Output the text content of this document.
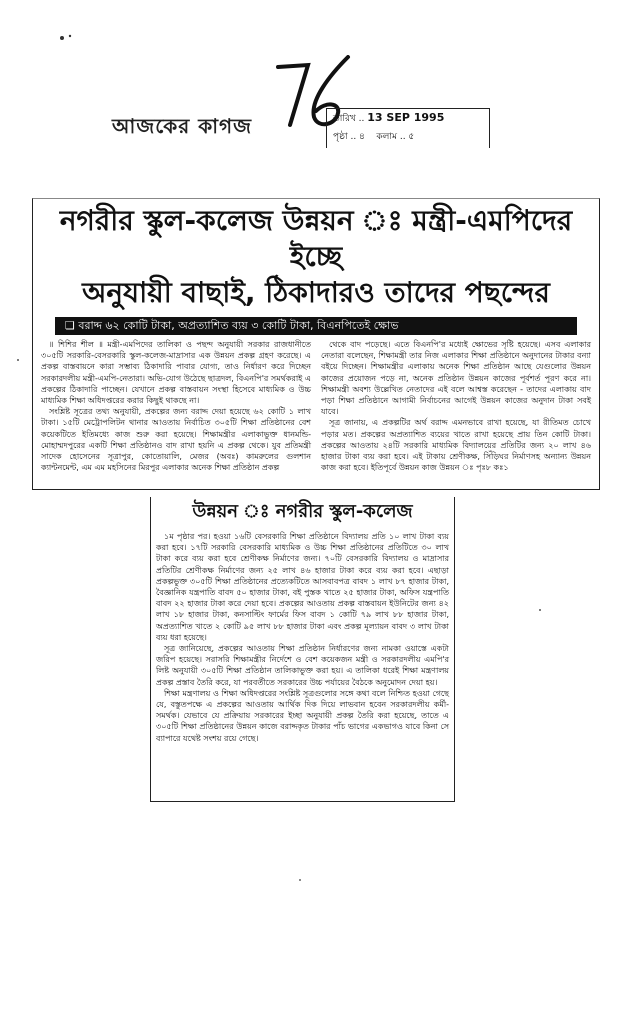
আজকের কাগজ	তারিখ .. 13 SEP 1995
পৃষ্ঠা .. ৪ কলাম .. ৫
নগরীর স্কুল-কলেজ উন্নয়ন ঃ মন্ত্রী-এমপিদের ইচ্ছে
অনুযায়ী বাছাই, ঠিকাদারও তাদের পছন্দের
❏ বরাদ্দ ৬২ কোটি টাকা, অপ্রত্যাশিত ব্যয় ৩ কোটি টাকা, বিএনপিতেই ক্ষোভ

॥ শিশির শীল ॥ মন্ত্রী-এমপিদের তালিকা ও পছন্দ অনুযায়ী সরকার রাজধানীতে ৩০৫টি সরকারি-বেসরকারি স্কুল-কলেজ-মাদ্রাসার এক উন্নয়ন প্রকল্প গ্রহণ করেছে। এ প্রকল্প বাস্তবায়নে কারা সম্ভাব্য ঠিকাদারি পাবার যোগ্য, তাও নির্ধারণ করে দিচ্ছেন সরকারদলীয় মন্ত্রী-এমপি-নেতারা। অভি-যোগ উঠেছে ছাত্রদল, বিএনপি'র সমর্থকরাই এ প্রকল্পের ঠিকাদারি পাচ্ছেন। যেখানে প্রকল্প বাস্তবায়ন সংস্থা হিসেবে মাধ্যমিক ও উচ্চ মাধ্যমিক শিক্ষা অধিদপ্তরের করার কিছুই থাকছে না।

সংশ্লিষ্ট সূত্রের তথ্য অনুযায়ী, প্রকল্পের জন্য বরাদ্দ দেয়া হয়েছে ৬২ কোটি ১ লাখ টাকা। ১৫টি মেট্রোপলিটন থানার আওতায় নির্বাচিত ৩০৫টি শিক্ষা প্রতিষ্ঠানের বেশ কয়েকটিতে ইতিমধ্যে কাজ শুরু করা হয়েছে। শিক্ষামন্ত্রীর এলাকাভুক্ত ধানমন্ডি-মোহাম্মদপুরের একটি শিক্ষা প্রতিষ্ঠানও বাদ রাখা হয়নি এ প্রকল্প থেকে। যুব প্রতিমন্ত্রী সাদেক হোসেনের সূত্রাপুর, কোতোয়ালি, মেজর (অবঃ) কামরুলের গুলশান ক্যান্টনমেন্ট, এম এম মহসিনের মিরপুর এলাকার অনেক শিক্ষা প্রতিষ্ঠান প্রকল্প

থেকে বাদ পড়েছে। এতে বিএনপি'র মধ্যেই ক্ষোভের সৃষ্টি হয়েছে। এসব এলাকার নেতারা বলেছেন, শিক্ষামন্ত্রী তার নিজ এলাকার শিক্ষা প্রতিষ্ঠানে অনুদানের টাকার বন্যা বইয়ে দিচ্ছেন। শিক্ষামন্ত্রীর এলাকায় অনেক শিক্ষা প্রতিষ্ঠান আছে যেগুলোর উন্নয়ন কাজের প্রয়োজন পড়ে না, অনেক প্রতিষ্ঠান উন্নয়ন কাজের পূর্বশর্ত পূরণ করে না। শিক্ষামন্ত্রী অবশ্য উল্লেখিত নেতাদের এই বলে আশ্বস্ত করেছেন - তাদের এলাকায় বাদ পড়া শিক্ষা প্রতিষ্ঠানে আগামী নির্বাচনের আগেই উন্নয়ন কাজের অনুদান টাকা সবই যাবে।

সূত্র জানায়, এ প্রকল্পটির অর্থ বরাদ্দ এমনভাবে রাখা হয়েছে, যা রীতিমত চোখে পড়ার মত। প্রকল্পের অপ্রত্যাশিত ব্যয়ের খাতে রাখা হয়েছে প্রায় তিন কোটি টাকা। প্রকল্পের আওতায় ২৪টি সরকারি মাধ্যমিক বিদ্যালয়ের প্রতিটির জন্য ২০ লাখ ৪৬ হাজার টাকা ব্যয় করা হবে। এই টাকায় শ্রেণীকক্ষ, সিঁড়িঘর নির্মাণসহ অন্যান্য উন্নয়ন কাজ করা হবে। ইতিপূর্বে উন্নয়ন কাজ উন্নয়ন ঃ পৃঃ৮ কঃ১

উন্নয়ন ঃ নগরীর স্কুল-কলেজ

১ম পৃষ্ঠার পর। হওয়া ১৬টি বেসরকারি শিক্ষা প্রতিষ্ঠানে বিদ্যালয় প্রতি ১০ লাখ টাকা ব্যয় করা হবে। ১৭টি সরকারি বেসরকারি মাধ্যমিক ও উচ্চ শিক্ষা প্রতিষ্ঠানের প্রতিটিতে ৩০ লাখ টাকা করে ব্যয় করা হবে শ্রেণীকক্ষ নির্মাণের জন্য। ৭০টি বেসরকারি বিদ্যালয় ও মাদ্রাসার প্রতিটির শ্রেণীকক্ষ নির্মাণের জন্য ২৫ লাখ ৪৬ হাজার টাকা করে ব্যয় করা হবে। এছাড়া প্রকল্পভুক্ত ৩০৫টি শিক্ষা প্রতিষ্ঠানের প্রত্যেকটিতে আসবাবপত্র বাবদ ১ লাখ ৮৭ হাজার টাকা, বৈজ্ঞানিক যন্ত্রপাতি বাবদ ৫০ হাজার টাকা, বই পুস্তক খাতে ২৫ হাজার টাকা, অফিস যন্ত্রপাতি বাবদ ২২ হাজার টাকা করে দেয়া হবে। প্রকল্পের আওতায় প্রকল্প বাস্তবায়ন ইউনিটের জন্য ৪২ লাখ ১৮ হাজার টাকা, কনসাল্টিং ফার্মের ফিস বাবদ ১ কোটি ৭৯ লাখ ৮৮ হাজার টাকা, অপ্রত্যাশিত খাতে ২ কোটি ৯৫ লাখ ৮৮ হাজার টাকা এবং প্রকল্প মূল্যায়ন বাবদ ৩ লাখ টাকা ব্যয় ধরা হয়েছে।

সূত্র জানিয়েছে, প্রকল্পের আওতায় শিক্ষা প্রতিষ্ঠান নির্ধারণের জন্য নামকা ওয়াস্তে একটা জরিপ হয়েছে। সরাসরি শিক্ষামন্ত্রীর নির্দেশে ও বেশ কয়েকজন মন্ত্রী ও সরকারদলীয় এমপি'র লিষ্ট অনুযায়ী ৩০৫টি শিক্ষা প্রতিষ্ঠান তালিকাভুক্ত করা হয়। এ তালিকা ধরেই শিক্ষা মন্ত্রণালয় প্রকল্প প্রস্তাব তৈরি করে, যা পরবর্তীতে সরকারের উচ্চ পর্যায়ের বৈঠকে অনুমোদন দেয়া হয়।

শিক্ষা মন্ত্রণালয় ও শিক্ষা অধিদপ্তরের সংশ্লিষ্ট সূত্রগুলোর সঙ্গে কথা বলে নিশ্চিত হওয়া গেছে যে, বস্তুতপক্ষে এ প্রকল্পের আওতায় আর্থিক দিক দিয়ে লাভবান হবেন সরকারদলীয় কর্মী-সমর্থক। যেভাবে যে প্রক্রিয়ায় সরকারের ইচ্ছা অনুযায়ী প্রকল্প তৈরি করা হয়েছে, তাতে এ ৩০৫টি শিক্ষা প্রতিষ্ঠানের উন্নয়ন কাজে বরাদ্দকৃত টাকার পাঁচ ভাগের একভাগও যাবে কিনা সে ব্যাপারে যথেষ্ট সংশয় রয়ে গেছে।
